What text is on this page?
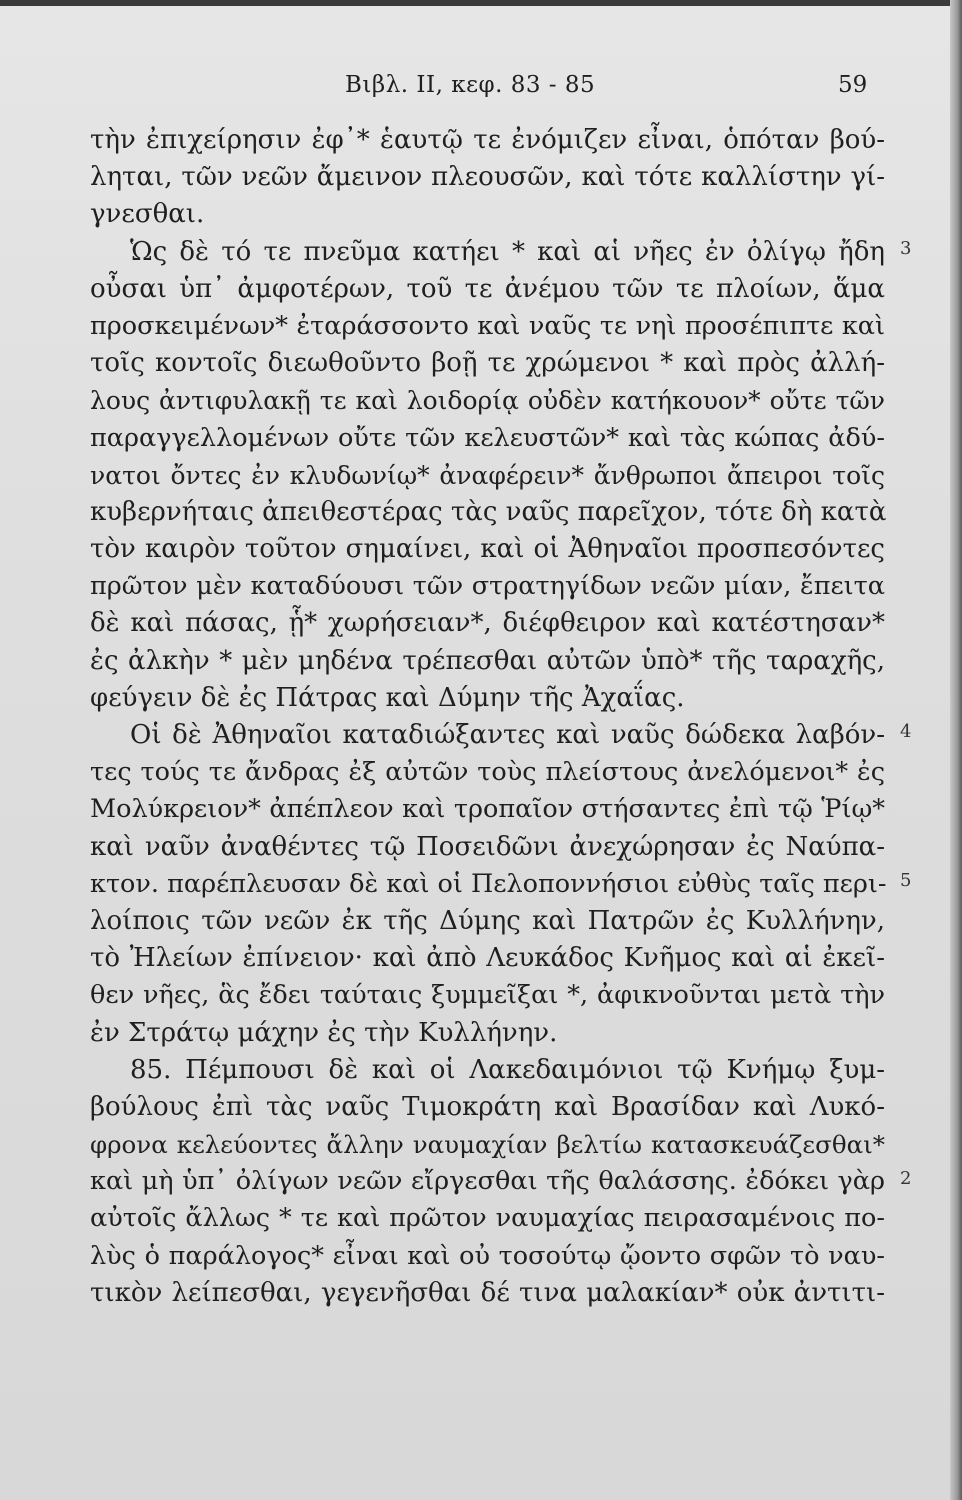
Βιβλ. II, κεφ. 83 - 85	59
τὴν ἐπιχείρησιν ἐφ᾽* ἑαυτῷ τε ἐνόμιζεν εἶναι, ὁπόταν βού-
ληται, τῶν νεῶν ἄμεινον πλεουσῶν, καὶ τότε καλλίστην γί-
γνεσθαι.
Ὡς δὲ τό τε πνεῦμα κατήει * καὶ αἱ νῆες ἐν ὀλίγῳ ἤδη
οὖσαι ὑπ᾽ ἀμφοτέρων, τοῦ τε ἀνέμου τῶν τε πλοίων, ἅμα
προσκειμένων* ἐταράσσοντο καὶ ναῦς τε νηὶ προσέπιπτε καὶ
τοῖς κοντοῖς διεωθοῦντο βοῇ τε χρώμενοι * καὶ πρὸς ἀλλή-
λους ἀντιφυλακῇ τε καὶ λοιδορίᾳ οὐδὲν κατήκουον* οὔτε τῶν
παραγγελλομένων οὔτε τῶν κελευστῶν* καὶ τὰς κώπας ἀδύ-
νατοι ὄντες ἐν κλυδωνίῳ* ἀναφέρειν* ἄνθρωποι ἄπειροι τοῖς
κυβερνήταις ἀπειθεστέρας τὰς ναῦς παρεῖχον, τότε δὴ κατὰ
τὸν καιρὸν τοῦτον σημαίνει, καὶ οἱ Ἀθηναῖοι προσπεσόντες
πρῶτον μὲν καταδύουσι τῶν στρατηγίδων νεῶν μίαν, ἔπειτα
δὲ καὶ πάσας, ᾗ* χωρήσειαν*, διέφθειρον καὶ κατέστησαν*
ἐς ἀλκὴν * μὲν μηδένα τρέπεσθαι αὐτῶν ὑπὸ* τῆς ταραχῆς,
φεύγειν δὲ ἐς Πάτρας καὶ Δύμην τῆς Ἀχαΐας.
Οἱ δὲ Ἀθηναῖοι καταδιώξαντες καὶ ναῦς δώδεκα λαβόν-
τες τούς τε ἄνδρας ἐξ αὐτῶν τοὺς πλείστους ἀνελόμενοι* ἐς
Μολύκρειον* ἀπέπλεον καὶ τροπαῖον στήσαντες ἐπὶ τῷ Ῥίῳ*
καὶ ναῦν ἀναθέντες τῷ Ποσειδῶνι ἀνεχώρησαν ἐς Ναύπα-
κτον. παρέπλευσαν δὲ καὶ οἱ Πελοποννήσιοι εὐθὺς ταῖς περι-
λοίποις τῶν νεῶν ἐκ τῆς Δύμης καὶ Πατρῶν ἐς Κυλλήνην,
τὸ Ἠλείων ἐπίνειον· καὶ ἀπὸ Λευκάδος Κνῆμος καὶ αἱ ἐκεῖ-
θεν νῆες, ἃς ἔδει ταύταις ξυμμεῖξαι *, ἀφικνοῦνται μετὰ τὴν
ἐν Στράτῳ μάχην ἐς τὴν Κυλλήνην.
85. Πέμπουσι δὲ καὶ οἱ Λακεδαιμόνιοι τῷ Κνήμῳ ξυμ-
βούλους ἐπὶ τὰς ναῦς Τιμοκράτη καὶ Βρασίδαν καὶ Λυκό-
φρονα κελεύοντες ἄλλην ναυμαχίαν βελτίω κατασκευάζεσθαι*
καὶ μὴ ὑπ᾽ ὀλίγων νεῶν εἴργεσθαι τῆς θαλάσσης. ἐδόκει γὰρ
αὐτοῖς ἄλλως * τε καὶ πρῶτον ναυμαχίας πειρασαμένοις πο-
λὺς ὁ παράλογος* εἶναι καὶ οὐ τοσούτῳ ᾤοντο σφῶν τὸ ναυ-
τικὸν λείπεσθαι, γεγενῆσθαι δέ τινα μαλακίαν* οὐκ ἀντιτι-
3
4
5
2
